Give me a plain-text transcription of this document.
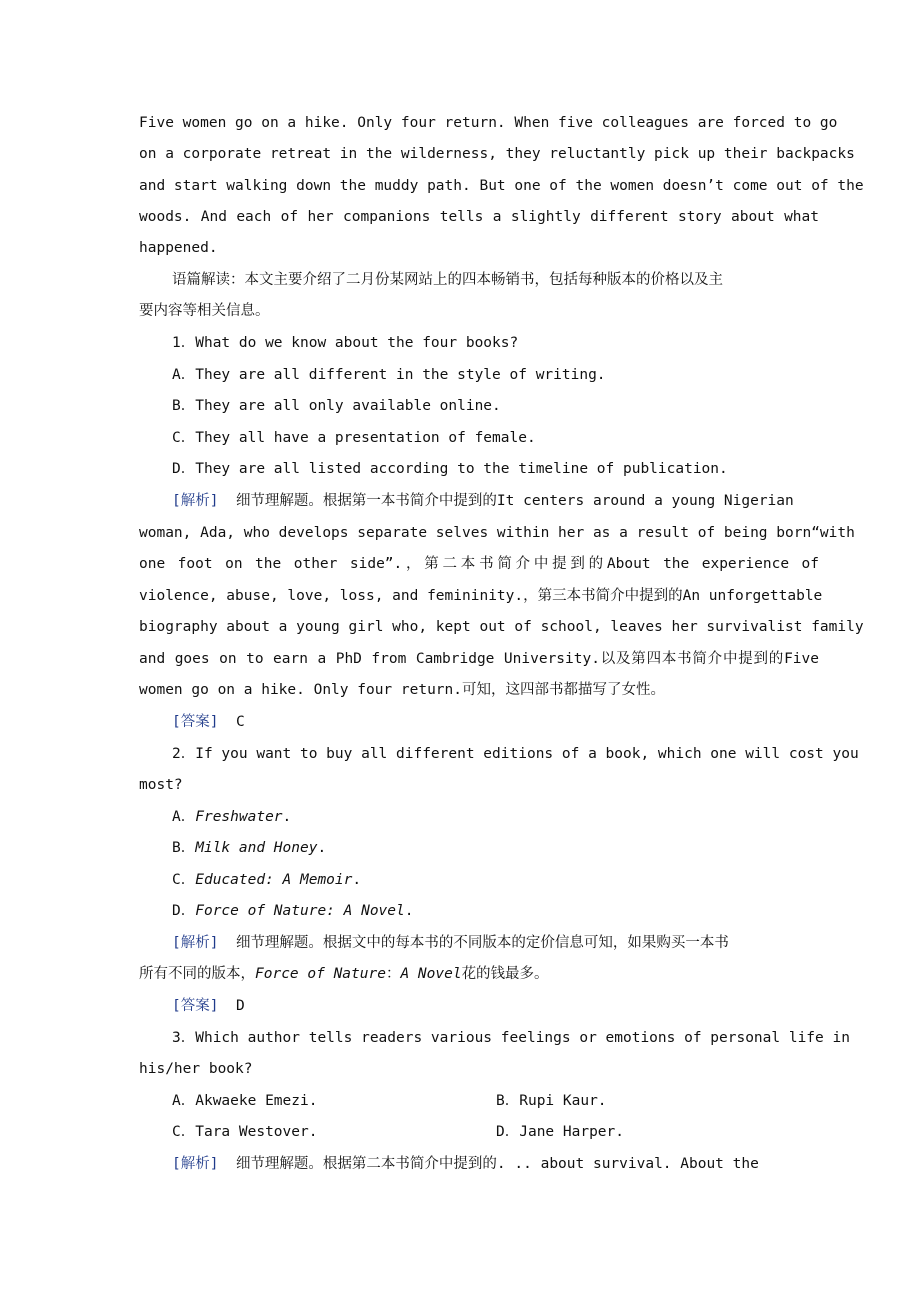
Five women go on a hike. Only four return. When five colleagues are forced to go
on a corporate retreat in the wilderness, they reluctantly pick up their backpacks
and start walking down the muddy path. But one of the women doesn’t come out of the
woods. And each of her companions tells a slightly different story about what
happened.
语篇解读：本文主要介绍了二月份某网站上的四本畅销书，包括每种版本的价格以及主
要内容等相关信息。
1．What do we know about the four books?
A．They are all different in the style of writing.
B．They are all only available online.
C．They all have a presentation of female.
D．They are all listed according to the timeline of publication.
[解析] 细节理解题。根据第一本书简介中提到的It centers around a young Nigerian
woman, Ada, who develops separate selves within her as a result of being born“with
one foot on the other side”.，第二本书简介中提到的About the experience of
violence, abuse, love, loss, and femininity.，第三本书简介中提到的An unforgettable
biography about a young girl who, kept out of school, leaves her survivalist family
and goes on to earn a PhD from Cambridge University.以及第四本书简介中提到的Five
women go on a hike. Only four return.可知，这四部书都描写了女性。
[答案] C
2．If you want to buy all different editions of a book, which one will cost you
most?
A．Freshwater.
B．Milk and Honey.
C．Educated: A Memoir.
D．Force of Nature: A Novel.
[解析] 细节理解题。根据文中的每本书的不同版本的定价信息可知，如果购买一本书
所有不同的版本，Force of Nature：A Novel花的钱最多。
[答案] D
3．Which author tells readers various feelings or emotions of personal life in
his/her book?
A．Akwaeke Emezi.	B．Rupi Kaur.
C．Tara Westover.	D．Jane Harper.
[解析] 细节理解题。根据第二本书简介中提到的. .. about survival. About the
